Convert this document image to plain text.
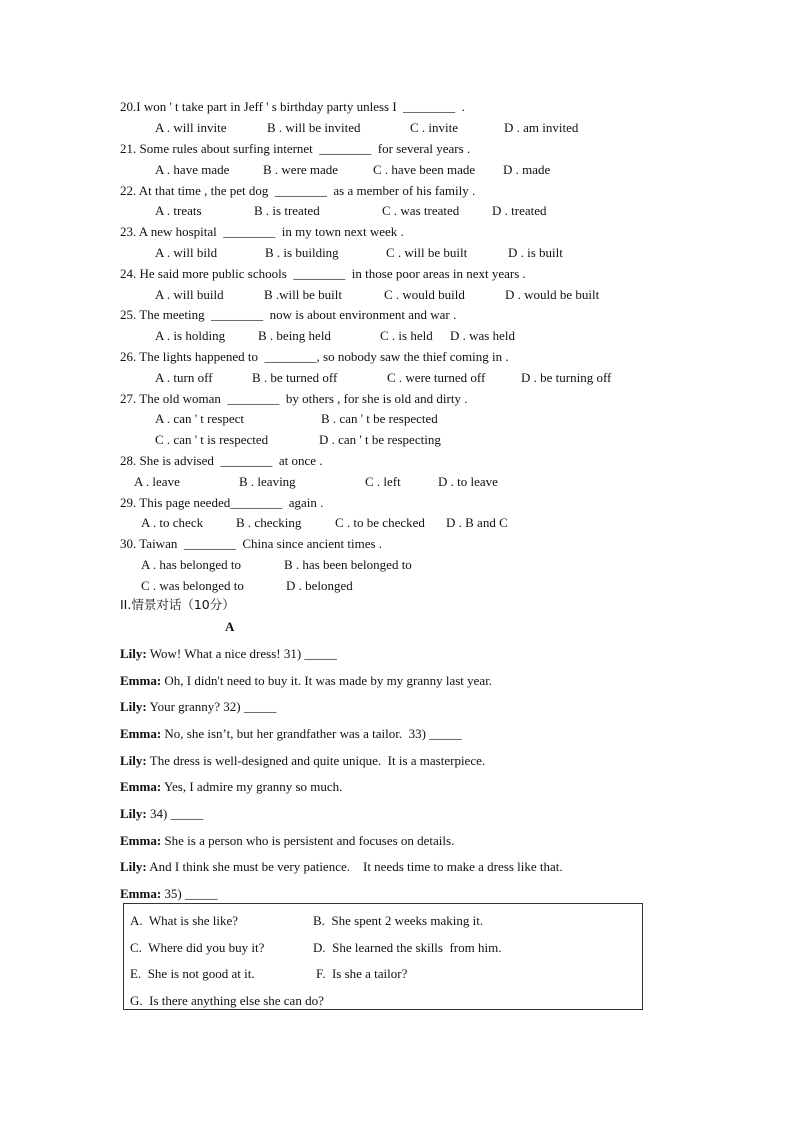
20.I won ' t take part in Jeff ' s birthday party unless I  ________  .
A . will invite	B . will be invited	C . invite	D . am invited
21. Some rules about surfing internet  ________  for several years .
A . have made	B . were made	C . have been made D . made
22. At that time , the pet dog  ________  as a member of his family .
A . treats	B . is treated	C . was treated	D . treated
23. A new hospital  ________  in my town next week .
A . will bild	B . is building	C . will be built	D . is built
24. He said more public schools  ________  in those poor areas in next years .
A . will build	B .will be built	C . would build	D . would be built
25. The meeting  ________  now is about environment and war .
A . is holding	B . being held	C . is held D . was held
26. The lights happened to  ________, so nobody saw the thief coming in .
A . turn off	B . be turned off	C . were turned off	D . be turning off
27. The old woman  ________  by others , for she is old and dirty .
A . can ' t respect	B . can ' t be respected
C . can ' t is respected	D . can ' t be respecting
28. She is advised  ________  at once .
A . leave	B . leaving	C . left	D . to leave
29. This page needed________  again .
A . to check	B . checking	C . to be checked D . B and C
30. Taiwan  ________  China since ancient times .
A . has belonged to	B . has been belonged to
C . was belonged to	D . belonged
II.情景对话（10分）
A
Lily: Wow! What a nice dress! 31) _____
Emma: Oh, I didn't need to buy it. It was made by my granny last year.
Lily: Your granny? 32) _____
Emma: No, she isn’t, but her grandfather was a tailor.  33) _____
Lily: The dress is well-designed and quite unique.  It is a masterpiece.
Emma: Yes, I admire my granny so much.
Lily: 34) _____
Emma: She is a person who is persistent and focuses on details.
Lily: And I think she must be very patience.    It needs time to make a dress like that.
Emma: 35) _____
A.  What is she like?	B.  She spent 2 weeks making it.
C.  Where did you buy it?	D.  She learned the skills  from him.
E.  She is not good at it.	F.  Is she a tailor?
G.  Is there anything else she can do?
